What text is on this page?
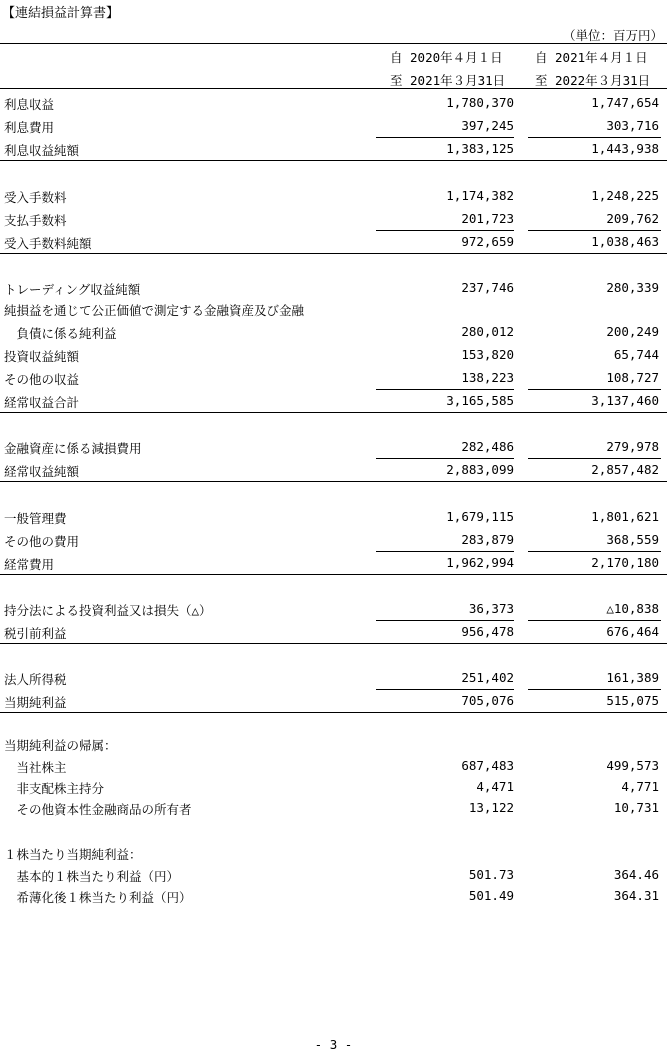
【連結損益計算書】
（単位：百万円）
自 2020年４月１日
至 2021年３月31日
自 2021年４月１日
至 2022年３月31日
利息収益	1,780,370	1,747,654
利息費用	397,245	303,716
利息収益純額	1,383,125	1,443,938
受入手数料	1,174,382	1,248,225
支払手数料	201,723	209,762
受入手数料純額	972,659	1,038,463
トレーディング収益純額	237,746	280,339
純損益を通じて公正価値で測定する金融資産及び金融
　負債に係る純利益	280,012	200,249
投資収益純額	153,820	65,744
その他の収益	138,223	108,727
経常収益合計	3,165,585	3,137,460
金融資産に係る減損費用	282,486	279,978
経常収益純額	2,883,099	2,857,482
一般管理費	1,679,115	1,801,621
その他の費用	283,879	368,559
経常費用	1,962,994	2,170,180
持分法による投資利益又は損失（△）	36,373	△10,838
税引前利益	956,478	676,464
法人所得税	251,402	161,389
当期純利益	705,076	515,075
当期純利益の帰属：
　当社株主	687,483	499,573
　非支配株主持分	4,471	4,771
　その他資本性金融商品の所有者	13,122	10,731
１株当たり当期純利益：
　基本的１株当たり利益（円）	501.73	364.46
　希薄化後１株当たり利益（円）	501.49	364.31
- 3 -
